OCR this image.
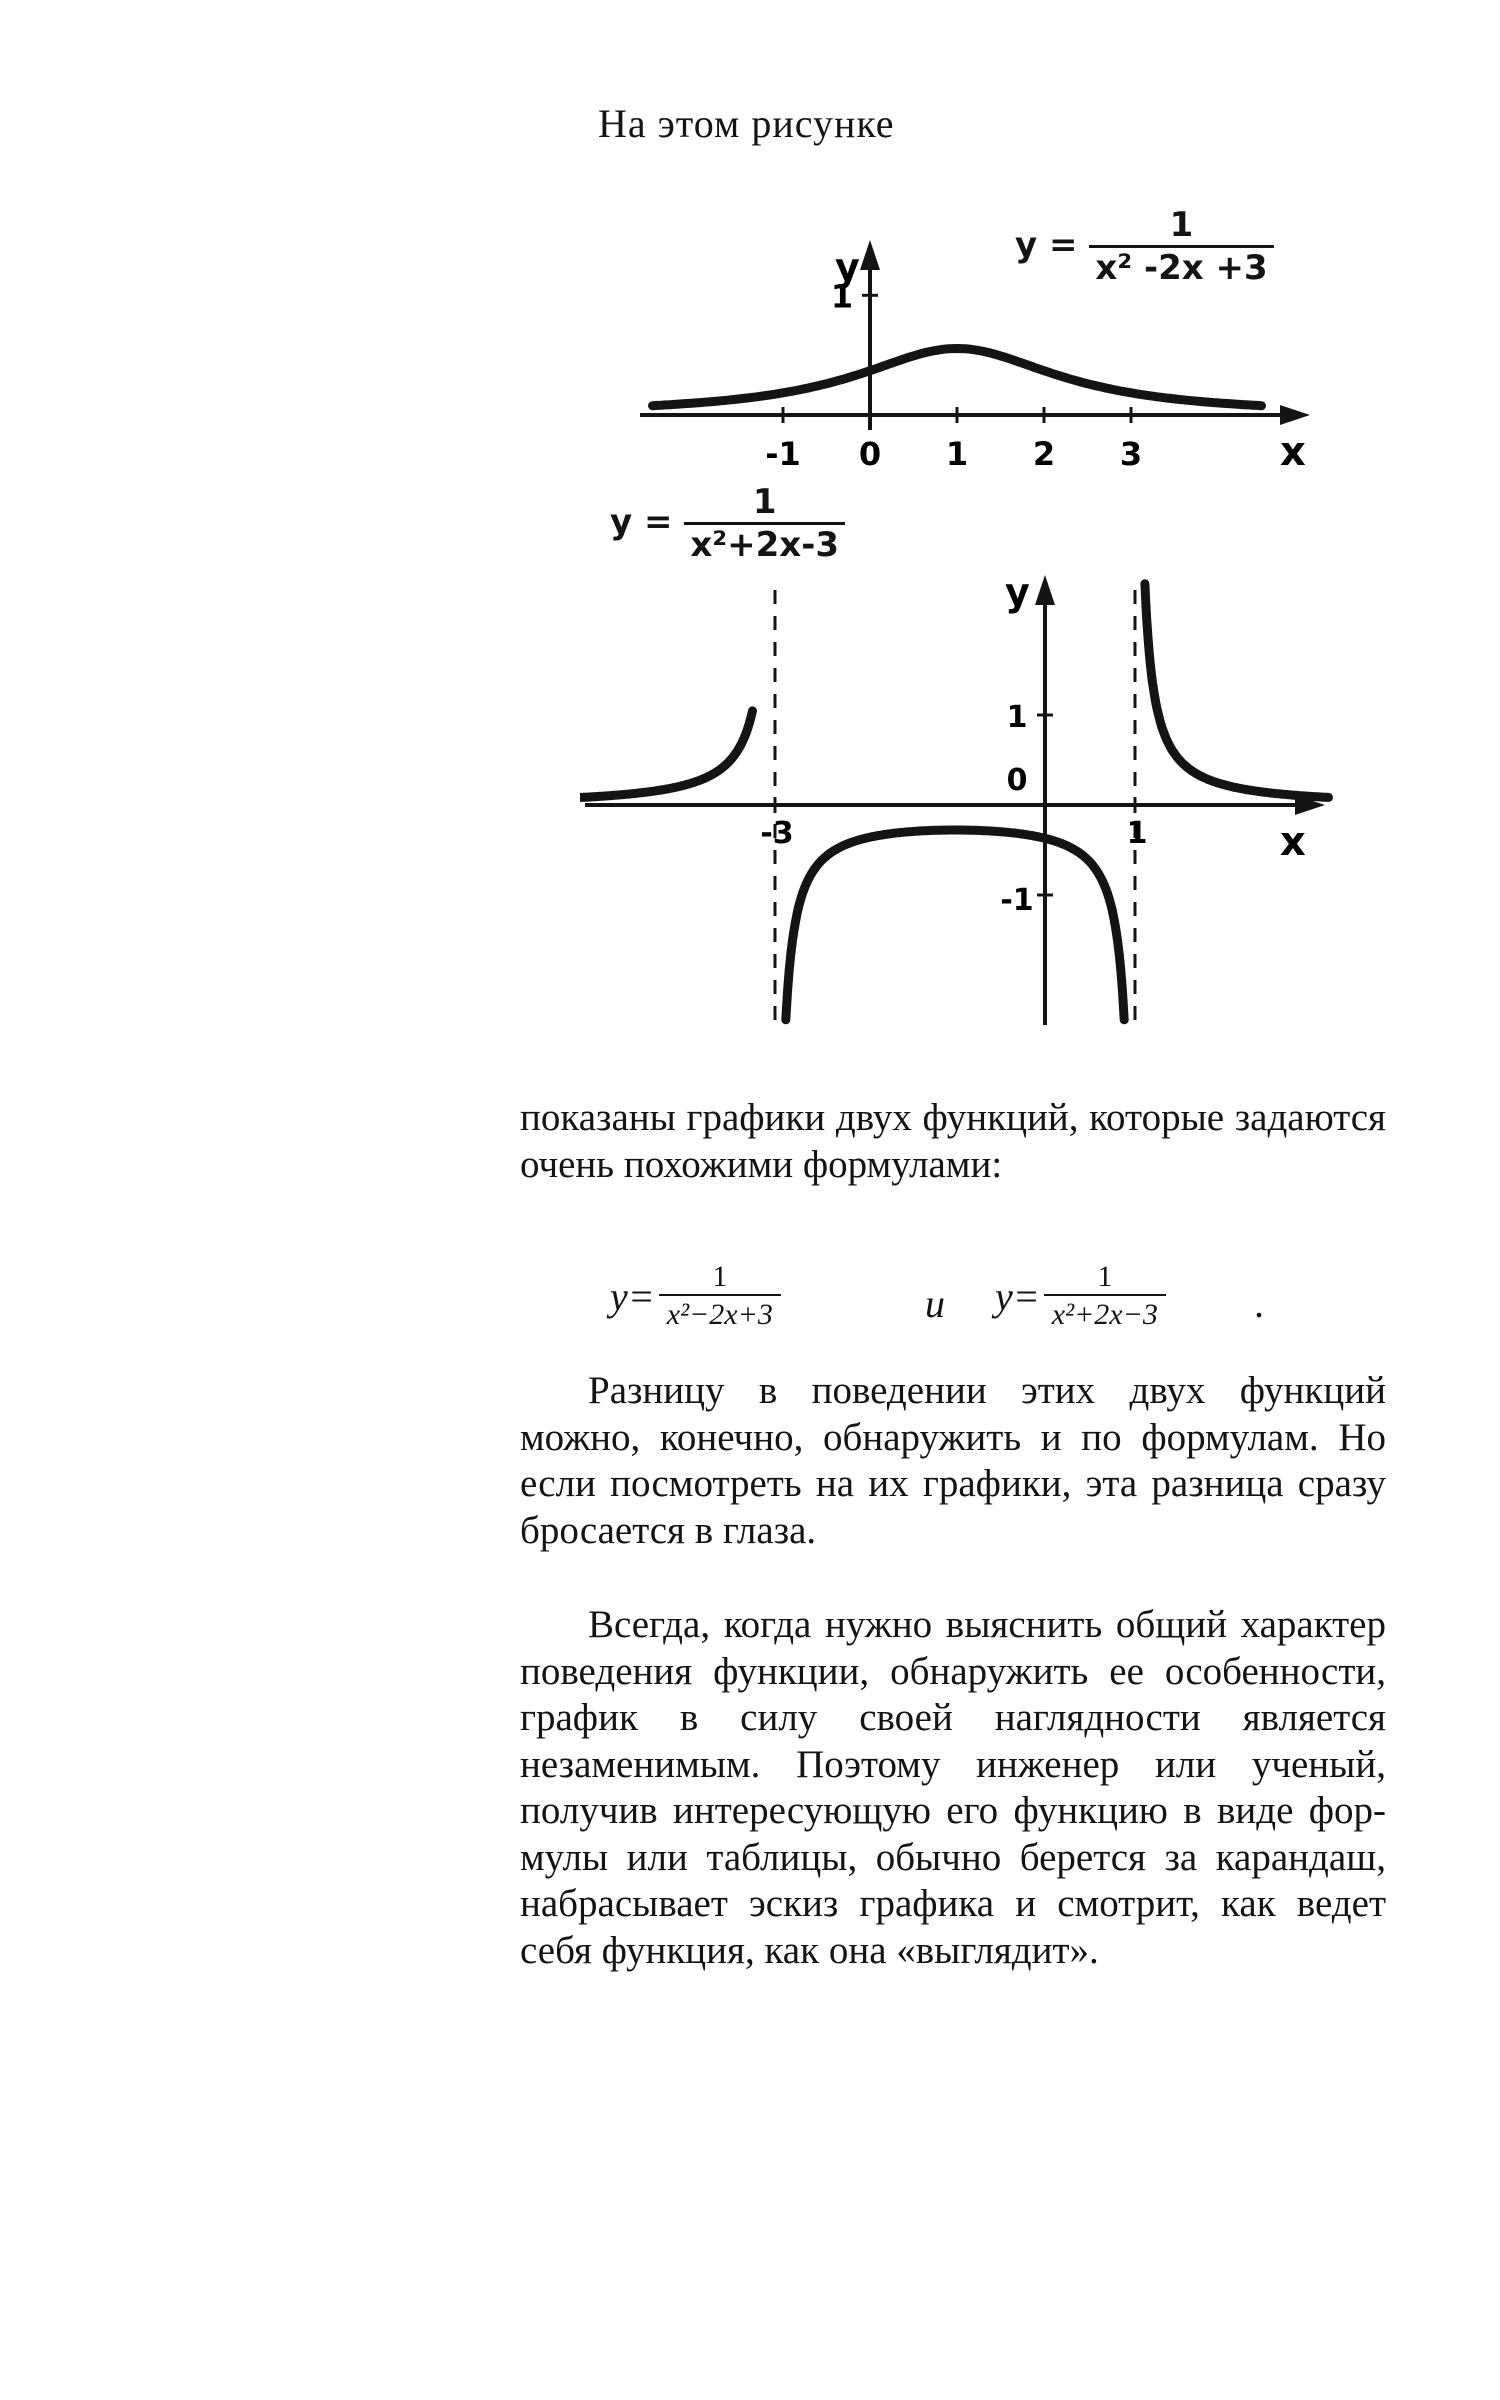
На этом рисунке

$y = \frac{1}{\text{x² -2x +3}}$
y
x
-1 0 1 2 3
1
$y = \frac{1}{\text{x²+2x-3}}$
y
x
-3	1
1
0
-1

показаны графики двух функций, которые задаются очень похожими формулами:

$y= \frac{1}{\text{x²−2x+3}}$	и $y= \frac{1}{\text{x²+2x−3}}$ .

Разницу в поведении этих двух функций можно, конечно, обнаружить и по формулам. Но если посмотреть на их графики, эта разница сразу бросается в глаза.

Всегда, когда нужно выяснить общий характер поведения функции, обнаружить ее особенности, график в силу своей наглядности является незаменимым. Поэтому инженер или ученый, получив интересующую его функцию в виде формулы или таблицы, обычно берется за карандаш, набрасывает эскиз графика и смотрит, как ведет себя функция, как она «выглядит».
